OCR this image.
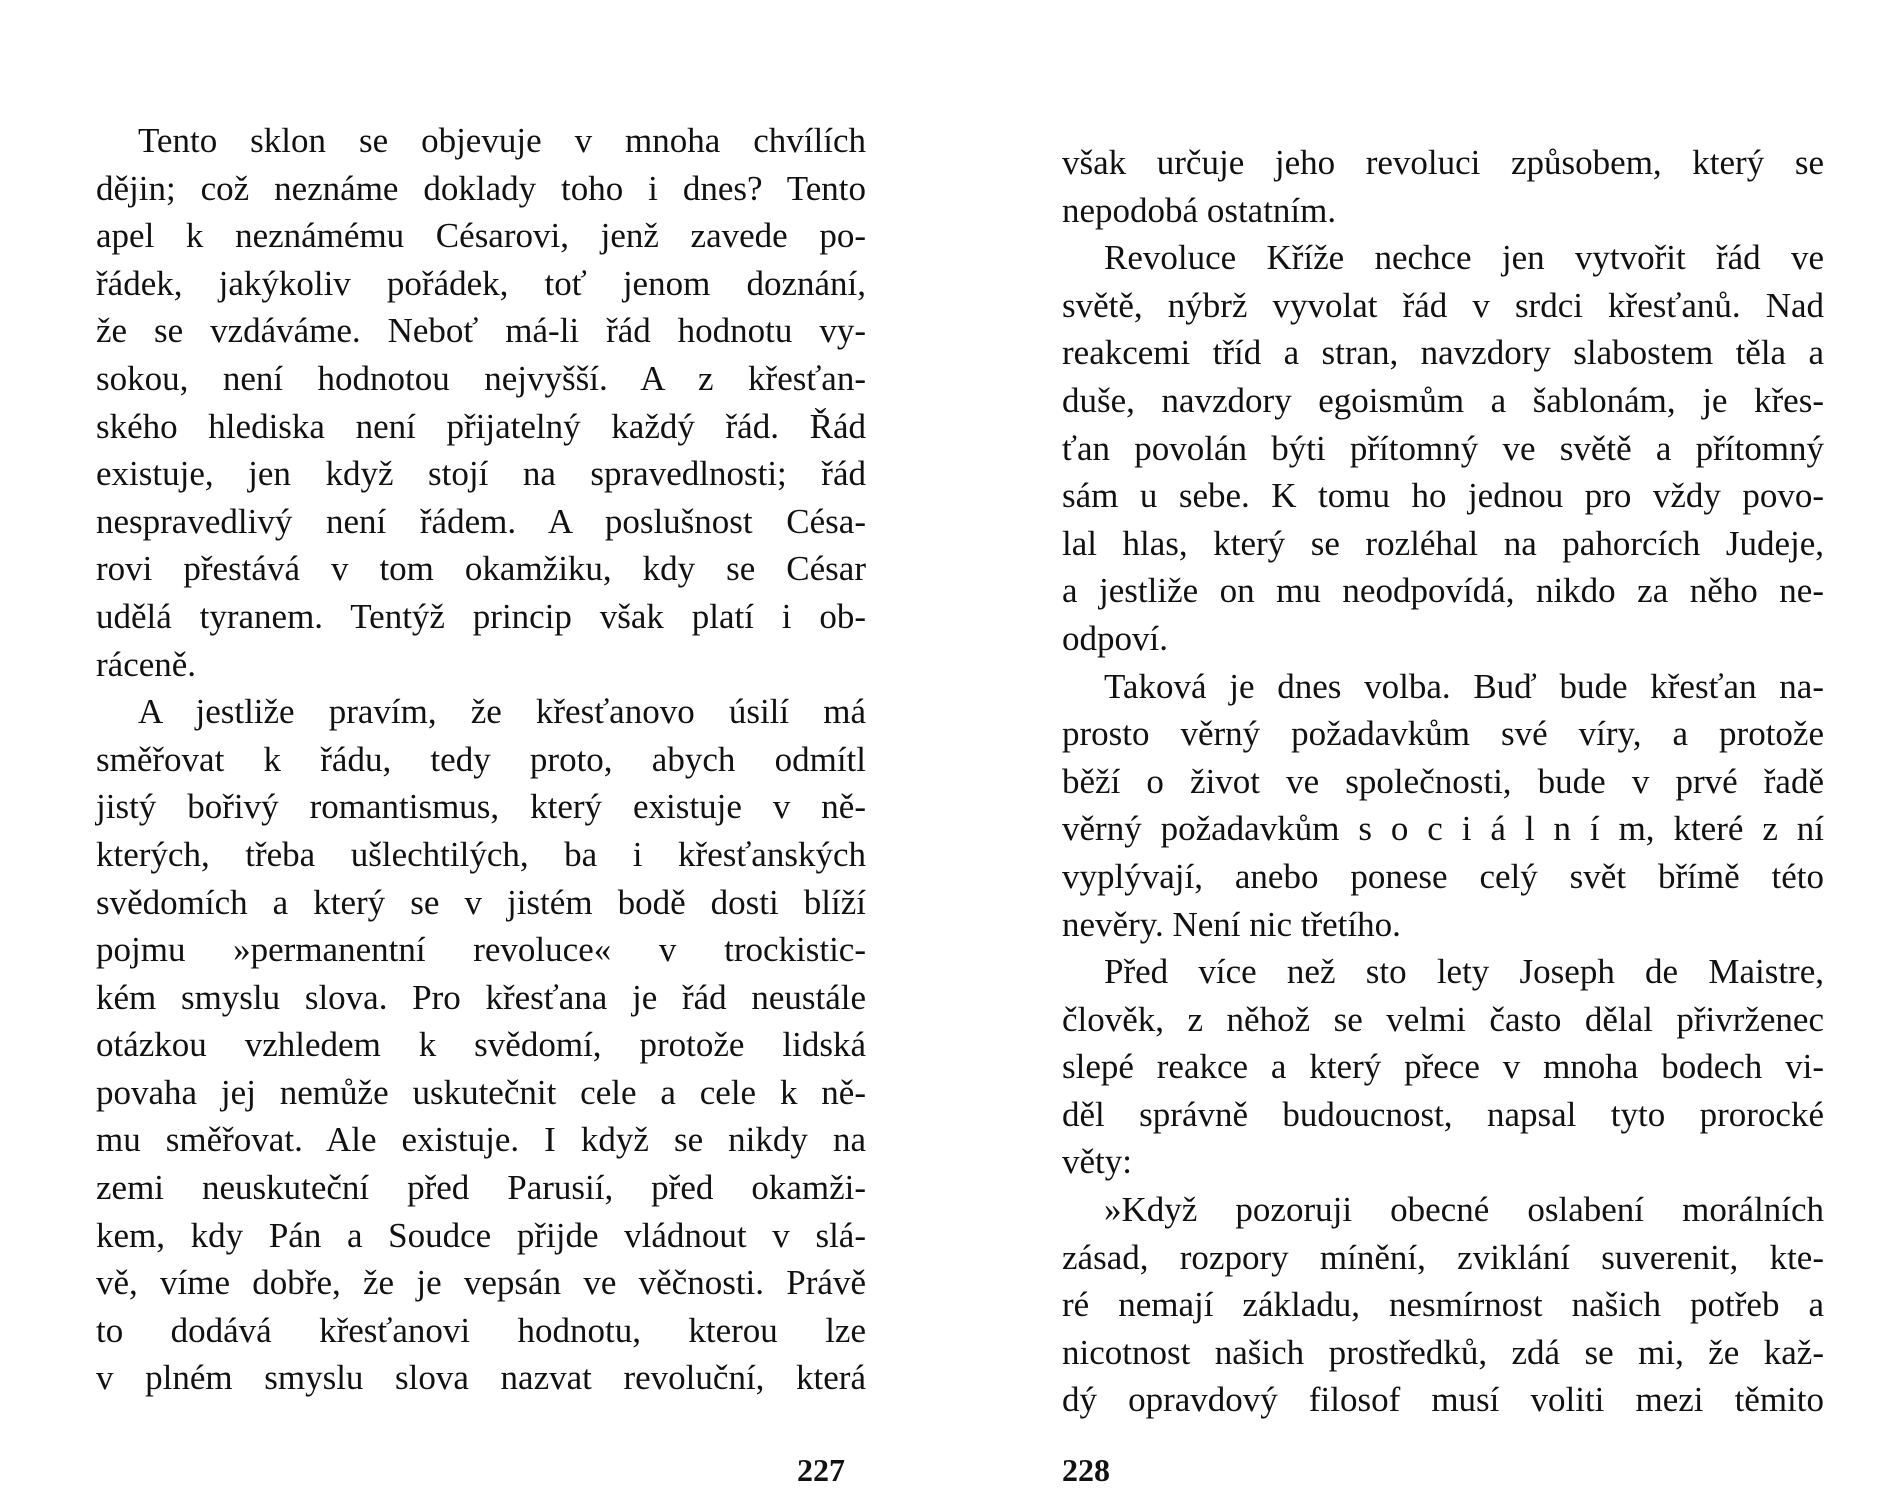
Tento sklon se objevuje v mnoha chvílích
dějin; což neznáme doklady toho i dnes? Tento
apel k neznámému Césarovi, jenž zavede po-
řádek, jakýkoliv pořádek, toť jenom doznání,
že se vzdáváme. Neboť má-li řád hodnotu vy-
sokou, není hodnotou nejvyšší. A z křesťan-
ského hlediska není přijatelný každý řád. Řád
existuje, jen když stojí na spravedlnosti; řád
nespravedlivý není řádem. A poslušnost Césa-
rovi přestává v tom okamžiku, kdy se César
udělá tyranem. Tentýž princip však platí i ob-
ráceně.
A jestliže pravím, že křesťanovo úsilí má
směřovat k řádu, tedy proto, abych odmítl
jistý bořivý romantismus, který existuje v ně-
kterých, třeba ušlechtilých, ba i křesťanských
svědomích a který se v jistém bodě dosti blíží
pojmu »permanentní revoluce« v trockistic-
kém smyslu slova. Pro křesťana je řád neustále
otázkou vzhledem k svědomí, protože lidská
povaha jej nemůže uskutečnit cele a cele k ně-
mu směřovat. Ale existuje. I když se nikdy na
zemi neuskuteční před Parusií, před okamži-
kem, kdy Pán a Soudce přijde vládnout v slá-
vě, víme dobře, že je vepsán ve věčnosti. Právě
to dodává křesťanovi hodnotu, kterou lze
v plném smyslu slova nazvat revoluční, která
však určuje jeho revoluci způsobem, který se
nepodobá ostatním.
Revoluce Kříže nechce jen vytvořit řád ve
světě, nýbrž vyvolat řád v srdci křesťanů. Nad
reakcemi tříd a stran, navzdory slabostem těla a
duše, navzdory egoismům a šablonám, je křes-
ťan povolán býti přítomný ve světě a přítomný
sám u sebe. K tomu ho jednou pro vždy povo-
lal hlas, který se rozléhal na pahorcích Judeje,
a jestliže on mu neodpovídá, nikdo za něho ne-
odpoví.
Taková je dnes volba. Buď bude křesťan na-
prosto věrný požadavkům své víry, a protože
běží o život ve společnosti, bude v prvé řadě
věrný požadavkům s o c i á l n í m, které z ní
vyplývají, anebo ponese celý svět břímě této
nevěry. Není nic třetího.
Před více než sto lety Joseph de Maistre,
člověk, z něhož se velmi často dělal přivrženec
slepé reakce a který přece v mnoha bodech vi-
děl správně budoucnost, napsal tyto prorocké
věty:
»Když pozoruji obecné oslabení morálních
zásad, rozpory mínění, zviklání suverenit, kte-
ré nemají základu, nesmírnost našich potřeb a
nicotnost našich prostředků, zdá se mi, že kaž-
dý opravdový filosof musí voliti mezi těmito
227	228
